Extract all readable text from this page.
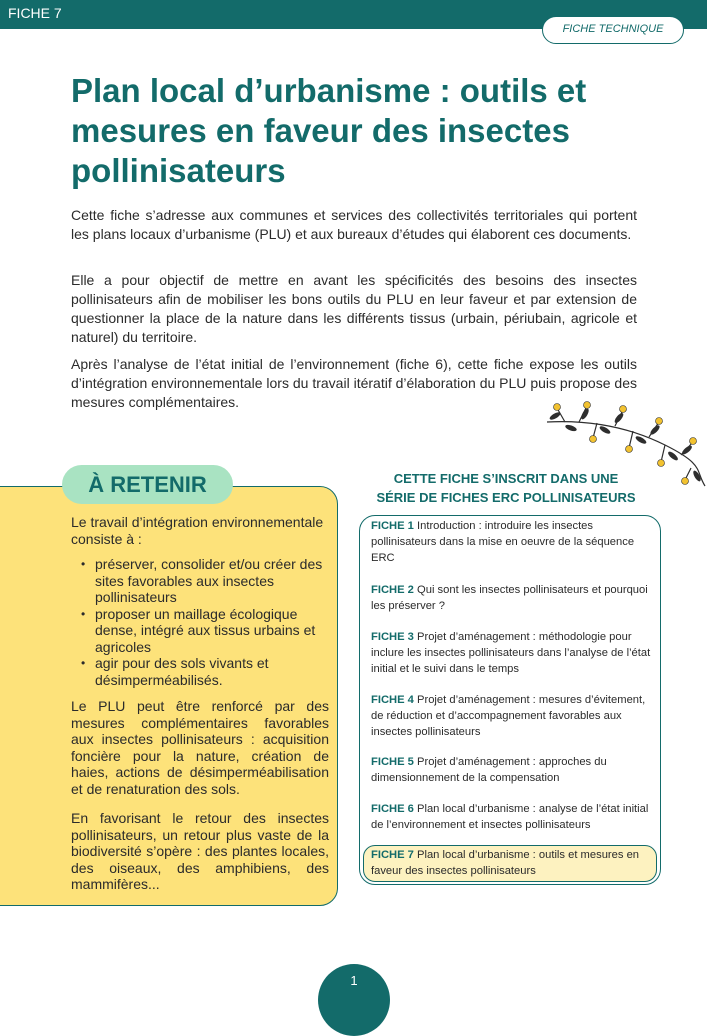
FICHE 7
FICHE TECHNIQUE
Plan local d’urbanisme : outils et mesures en faveur des insectes pollinisateurs

Cette fiche s’adresse aux communes et services des collectivités territoriales qui portent les plans locaux d’urbanisme (PLU) et aux bureaux d’études qui élaborent ces documents.

Elle a pour objectif de mettre en avant les spécificités des besoins des insectes pollinisateurs afin de mobiliser les bons outils du PLU en leur faveur et par extension de questionner la place de la nature dans les différents tissus (urbain, périubain, agricole et naturel) du territoire.

Après l’analyse de l’état initial de l’environnement (fiche 6), cette fiche expose les outils d’intégration environnementale lors du travail itératif d’élaboration du PLU puis propose des mesures complémentaires.

À RETENIR

Le travail d’intégration environnementale consiste à :

• préserver, consolider et/ou créer des sites favorables aux insectes pollinisateurs
• proposer un maillage écologique dense, intégré aux tissus urbains et agricoles
• agir pour des sols vivants et désimperméabilisés.

Le PLU peut être renforcé par des mesures complémentaires favorables aux insectes pollinisateurs : acquisition foncière pour la nature, création de haies, actions de désimperméabilisation et de renaturation des sols.

En favorisant le retour des insectes pollinisateurs, un retour plus vaste de la biodiversité s’opère : des plantes locales, des oiseaux, des amphibiens, des mammifères...

CETTE FICHE S’INSCRIT DANS UNE
SÉRIE DE FICHES ERC POLLINISATEURS

FICHE 1 Introduction : introduire les insectes pollinisateurs dans la mise en oeuvre de la séquence ERC

FICHE 2 Qui sont les insectes pollinisateurs et pourquoi les préserver ?

FICHE 3 Projet d’aménagement : méthodologie pour inclure les insectes pollinisateurs dans l’analyse de l’état initial et le suivi dans le temps

FICHE 4 Projet d’aménagement : mesures d’évitement, de réduction et d’accompagnement favorables aux insectes pollinisateurs

FICHE 5 Projet d’aménagement : approches du dimensionnement de la compensation

FICHE 6 Plan local d’urbanisme : analyse de l’état initial de l’environnement et insectes pollinisateurs

FICHE 7 Plan local d’urbanisme : outils et mesures en faveur des insectes pollinisateurs

1
